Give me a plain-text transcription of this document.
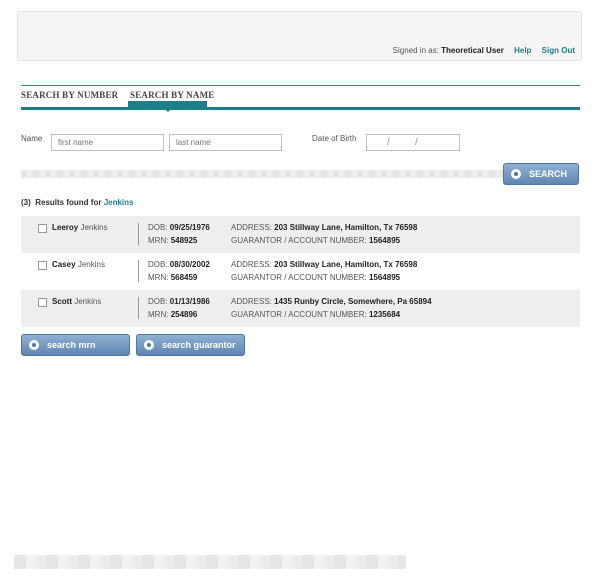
Signed in as: Theoretical User Help Sign Out
SEARCH BY NUMBER SEARCH BY NAME
Name
first name
last name	Date of Birth	/	/
SEARCH
(3) Results found for Jenkins
Leeroy Jenkins	DOB: 09/25/1976
MRN: 548925
ADDRESS: 203 Stillway Lane, Hamilton, Tx 76598
GUARANTOR / ACCOUNT NUMBER: 1564895
Casey Jenkins	DOB: 08/30/2002
MRN: 568459
ADDRESS: 203 Stillway Lane, Hamilton, Tx 76598
GUARANTOR / ACCOUNT NUMBER: 1564895
Scott Jenkins	DOB: 01/13/1986
MRN: 254896
ADDRESS: 1435 Runby Circle, Somewhere, Pa 65894
GUARANTOR / ACCOUNT NUMBER: 1235684
search mrn	search guarantor
